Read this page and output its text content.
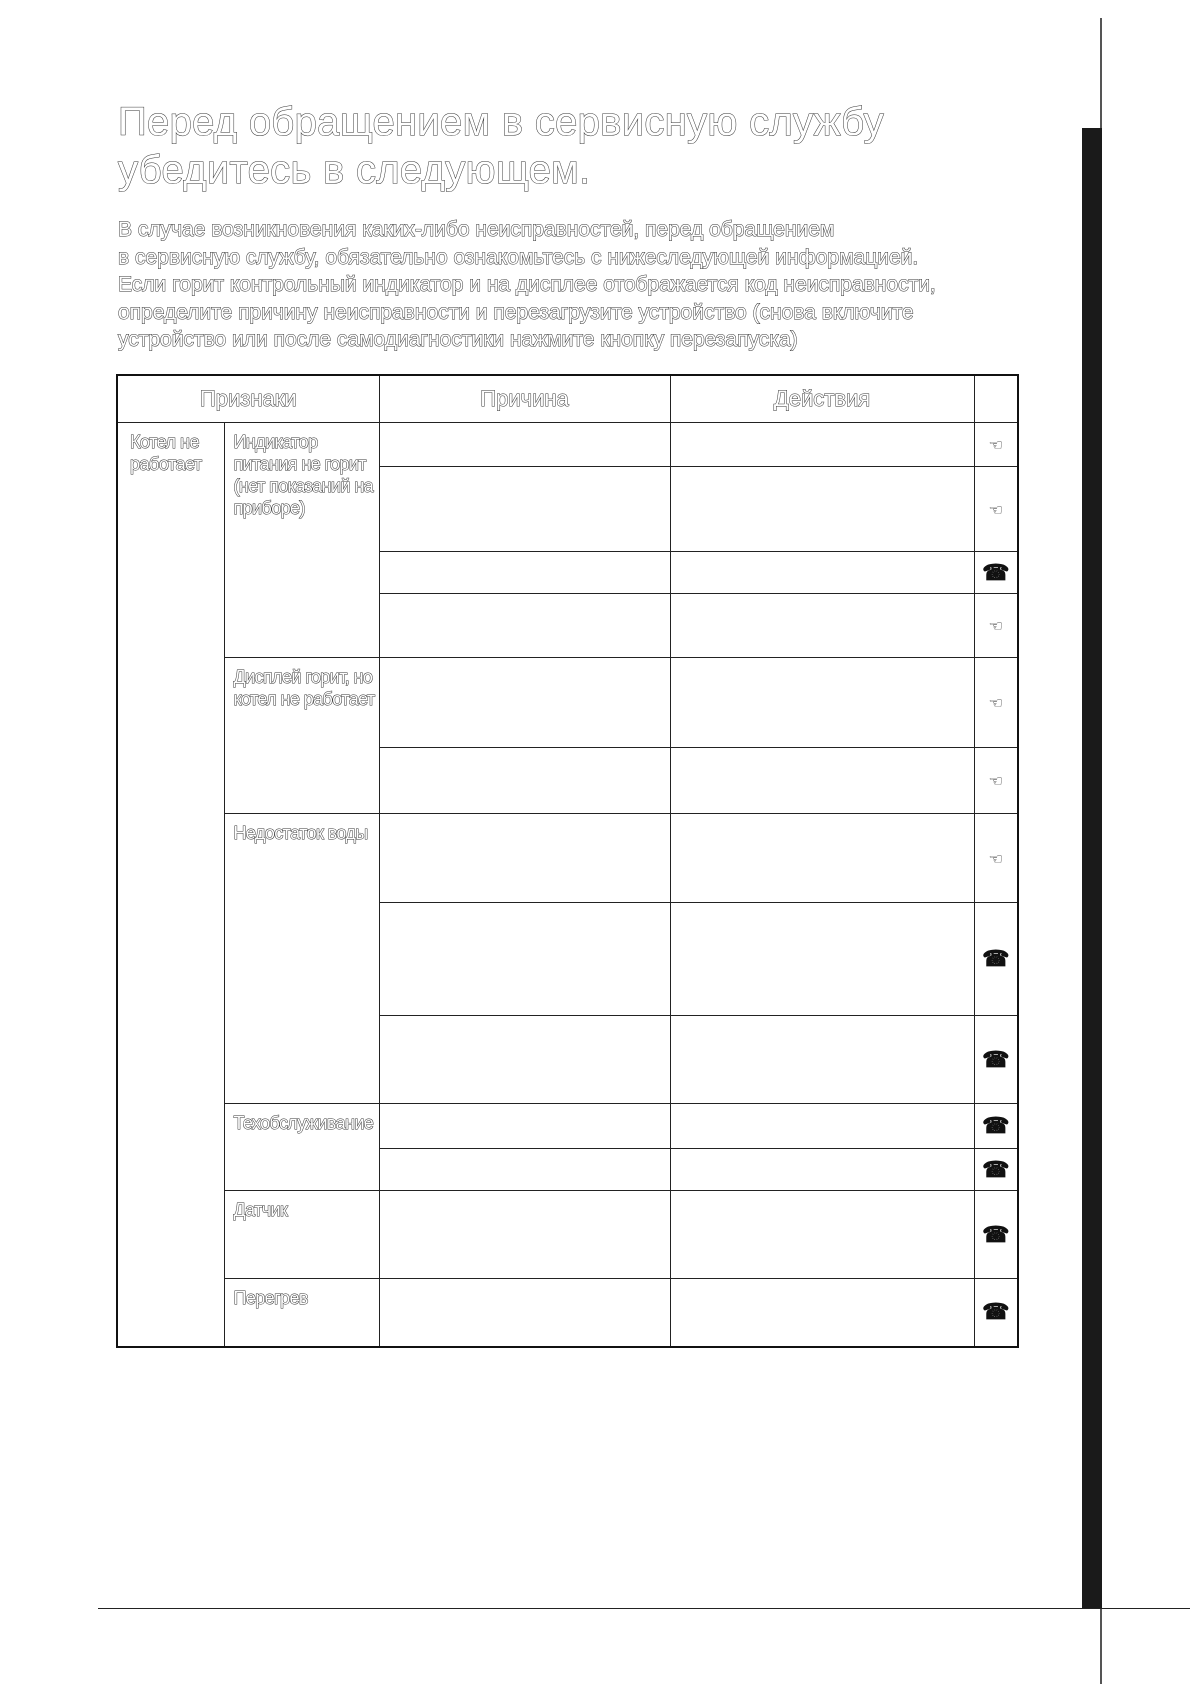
Перед обращением в сервисную службу
убедитесь в следующем.
В случае возникновения каких-либо неисправностей, перед обращением
в сервисную службу, обязательно ознакомьтесь с нижеследующей информацией.
Если горит контрольный индикатор и на дисплее отображается код неисправности,
определите причину неисправности и перезагрузите устройство (снова включите
устройство или после самодиагностики нажмите кнопку перезапуска)
Признаки		Причина	Действия	
Котел не работает	Индикатор питания не горит (нет показаний на приборе)			☜
				☜
				☎
				☜
	Дисплей горит, но котел не работает			☜
				☜
	Недостаток воды			☜
				☎
				☎
	Техобслуживание			☎
				☎
	Датчик			☎
	Перегрев			☎
